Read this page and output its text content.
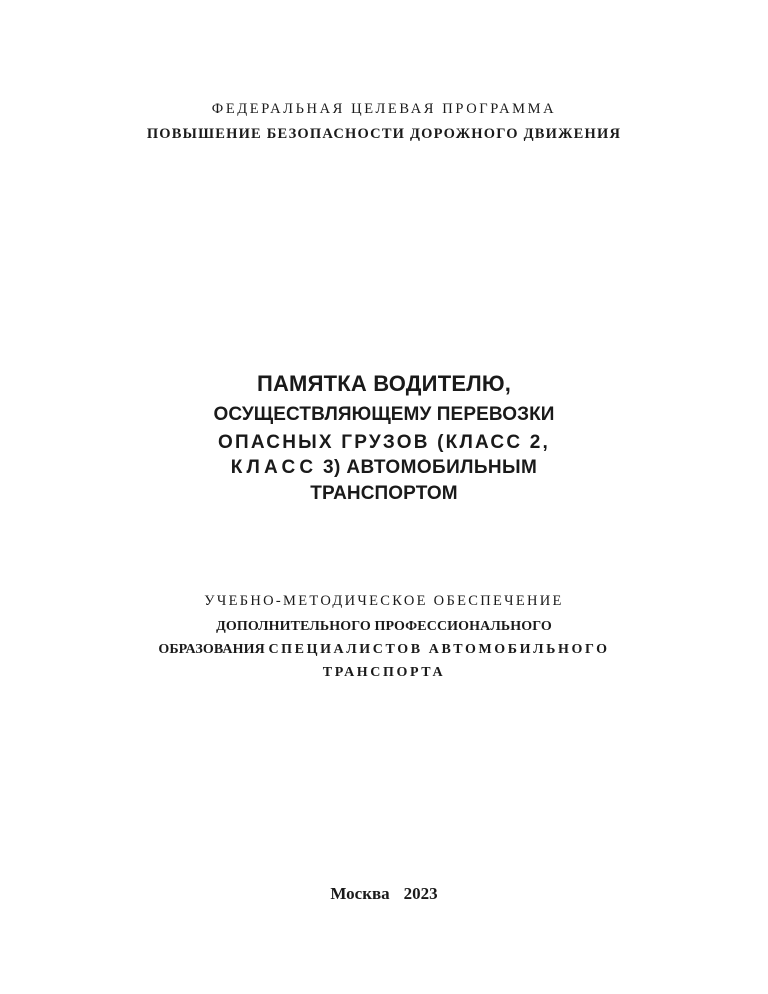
ФЕДЕРАЛЬНАЯ ЦЕЛЕВАЯ ПРОГРАММА

ПОВЫШЕНИЕ БЕЗОПАСНОСТИ ДОРОЖНОГО ДВИЖЕНИЯ

ПАМЯТКА ВОДИТЕЛЮ,

ОСУЩЕСТВЛЯЮЩЕМУ ПЕРЕВОЗКИ

ОПАСНЫХ ГРУЗОВ (КЛАСС 2,

КЛАСС 3) АВТОМОБИЛЬНЫМ

ТРАНСПОРТОМ

УЧЕБНО-МЕТОДИЧЕСКОЕ ОБЕСПЕЧЕНИЕ

ДОПОЛНИТЕЛЬНОГО ПРОФЕССИОНАЛЬНОГО

ОБРАЗОВАНИЯ СПЕЦИАЛИСТОВ АВТОМОБИЛЬНОГО

ТРАНСПОРТА

Москва 2023
